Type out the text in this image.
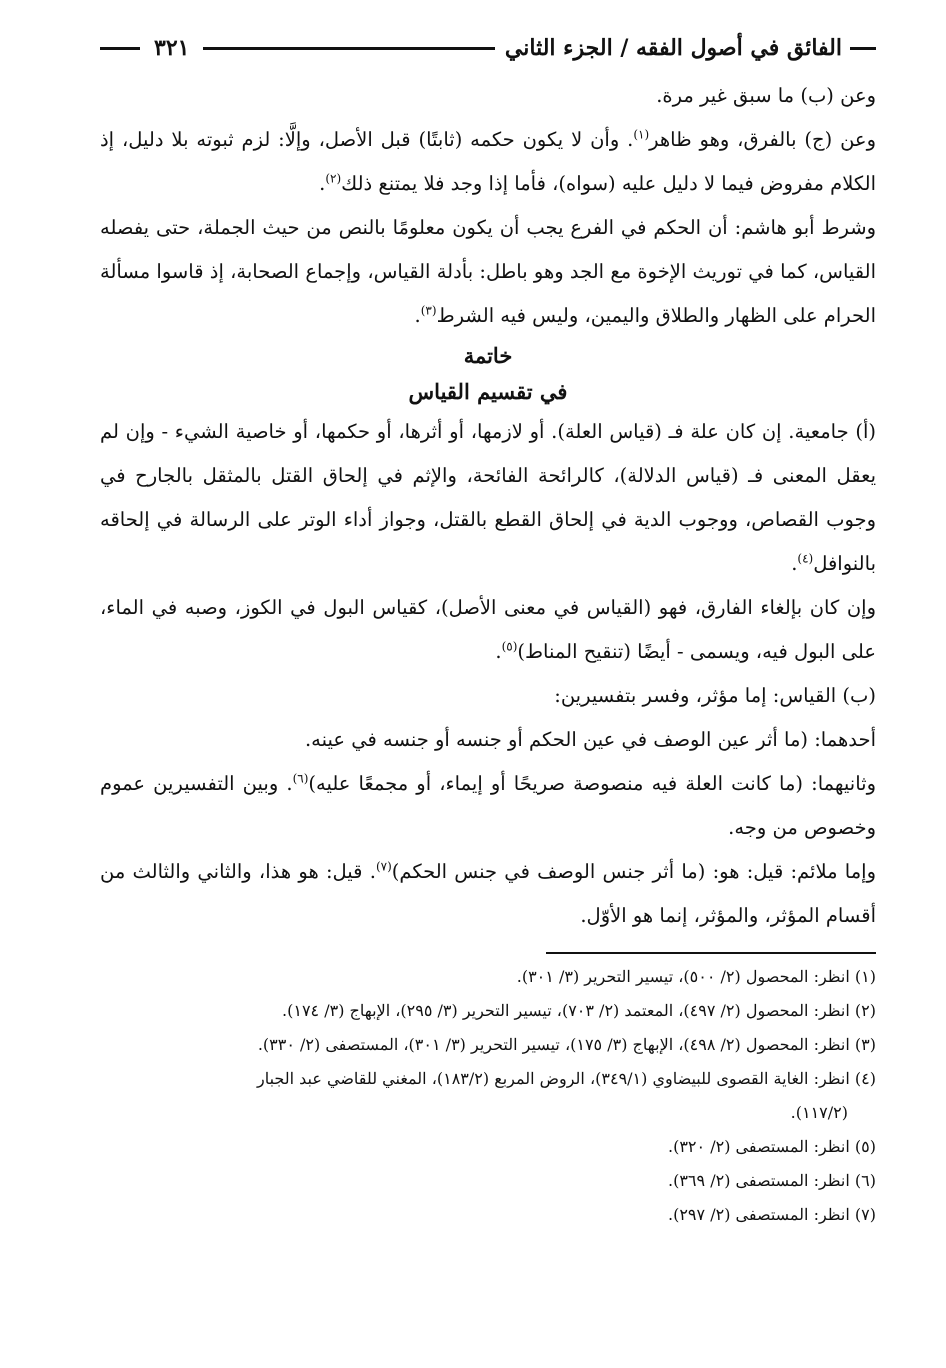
الفائق في أصول الفقه / الجزء الثاني
٣٢١

وعن (ب) ما سبق غير مرة.

وعن (ج) بالفرق، وهو ظاهر$^{(١)}$. وأن لا يكون حكمه (ثابتًا) قبل الأصل، وإلَّا: لزم ثبوته بلا دليل، إذ الكلام مفروض فيما لا دليل عليه (سواه)، فأما إذا وجد فلا يمتنع ذلك$^{(٢)}$.

وشرط أبو هاشم: أن الحكم في الفرع يجب أن يكون معلومًا بالنص من حيث الجملة، حتى يفصله القياس، كما في توريث الإخوة مع الجد وهو باطل: بأدلة القياس، وإجماع الصحابة، إذ قاسوا مسألة الحرام على الظهار والطلاق واليمين، وليس فيه الشرط$^{(٣)}$.

خاتمة
في تقسيم القياس

(أ) جامعية. إن كان علة فـ (قياس العلة). أو لازمها، أو أثرها، أو حكمها، أو خاصية الشيء - وإن لم يعقل المعنى فـ (قياس الدلالة)، كالرائحة الفائحة، والإثم في إلحاق القتل بالمثقل بالجارح في وجوب القصاص، ووجوب الدية في إلحاق القطع بالقتل، وجواز أداء الوتر على الرسالة في إلحاقه بالنوافل$^{(٤)}$.

وإن كان بإلغاء الفارق، فهو (القياس في معنى الأصل)، كقياس البول في الكوز، وصبه في الماء، على البول فيه، ويسمى - أيضًا (تنقيح المناط)$^{(٥)}$.

(ب) القياس: إما مؤثر، وفسر بتفسيرين:

أحدهما: (ما أثر عين الوصف في عين الحكم أو جنسه أو جنسه في عينه.

وثانيهما: (ما كانت العلة فيه منصوصة صريحًا أو إيماء، أو مجمعًا عليه)$^{(٦)}$. وبين التفسيرين عموم وخصوص من وجه.

وإما ملائم: قيل: هو: (ما أثر جنس الوصف في جنس الحكم)$^{(٧)}$. قيل: هو هذا، والثاني والثالث من أقسام المؤثر، والمؤثر، إنما هو الأوّل.

(١) انظر: المحصول (٢/ ٥٠٠)، تيسير التحرير (٣/ ٣٠١).

(٢) انظر: المحصول (٢/ ٤٩٧)، المعتمد (٢/ ٧٠٣)، تيسير التحرير (٣/ ٢٩٥)، الإبهاج (٣/ ١٧٤).

(٣) انظر: المحصول (٢/ ٤٩٨)، الإبهاج (٣/ ١٧٥)، تيسير التحرير (٣/ ٣٠١)، المستصفى (٢/ ٣٣٠).

(٤) انظر: الغاية القصوى للبيضاوي (٣٤٩/١)، الروض المربع (١٨٣/٢)، المغني للقاضي عبد الجبار

(١١٧/٢).

(٥) انظر: المستصفى (٢/ ٣٢٠).

(٦) انظر: المستصفى (٢/ ٣٦٩).

(٧) انظر: المستصفى (٢/ ٢٩٧).
